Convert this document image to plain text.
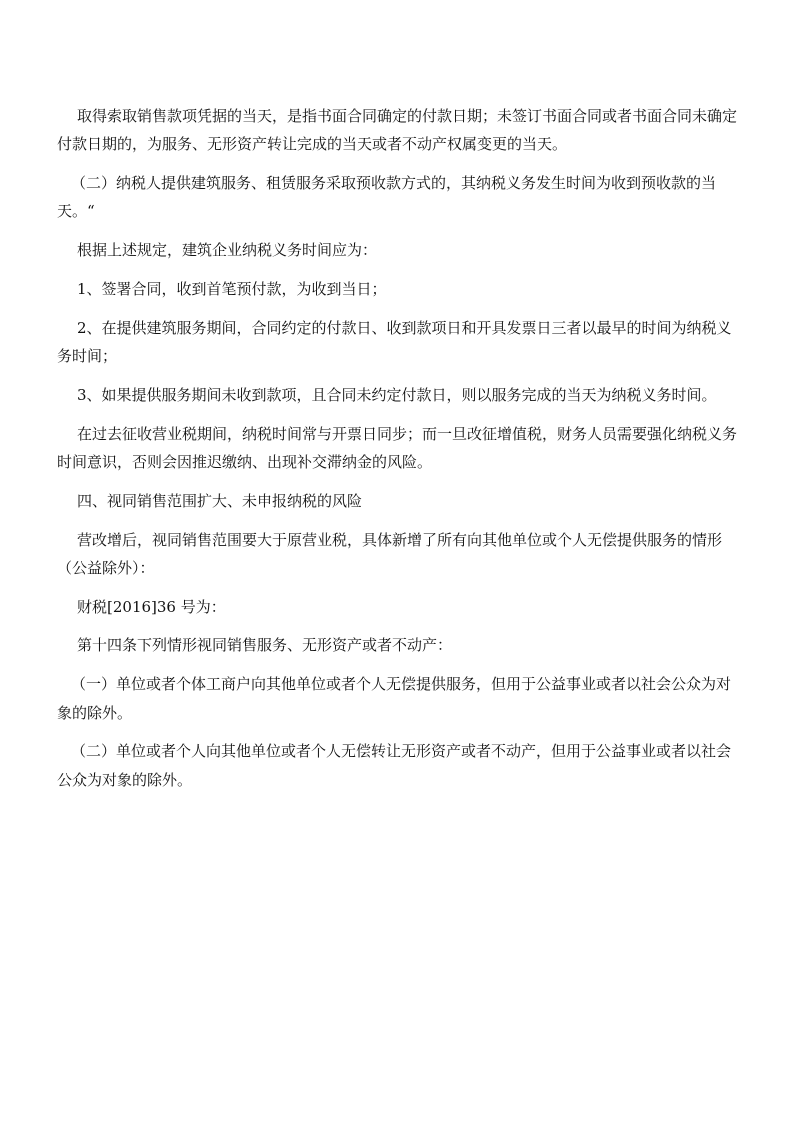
取得索取销售款项凭据的当天，是指书面合同确定的付款日期；未签订书面合同或者书面合同未确定付款日期的，为服务、无形资产转让完成的当天或者不动产权属变更的当天。

（二）纳税人提供建筑服务、租赁服务采取预收款方式的，其纳税义务发生时间为收到预收款的当天。“

根据上述规定，建筑企业纳税义务时间应为：

1、签署合同，收到首笔预付款，为收到当日；

2、在提供建筑服务期间，合同约定的付款日、收到款项日和开具发票日三者以最早的时间为纳税义务时间；

3、如果提供服务期间未收到款项，且合同未约定付款日，则以服务完成的当天为纳税义务时间。

在过去征收营业税期间，纳税时间常与开票日同步；而一旦改征增值税，财务人员需要强化纳税义务时间意识，否则会因推迟缴纳、出现补交滞纳金的风险。

四、视同销售范围扩大、未申报纳税的风险

营改增后，视同销售范围要大于原营业税，具体新增了所有向其他单位或个人无偿提供服务的情形（公益除外）：

财税[2016]36 号为：

第十四条下列情形视同销售服务、无形资产或者不动产：

（一）单位或者个体工商户向其他单位或者个人无偿提供服务，但用于公益事业或者以社会公众为对象的除外。

（二）单位或者个人向其他单位或者个人无偿转让无形资产或者不动产，但用于公益事业或者以社会公众为对象的除外。
